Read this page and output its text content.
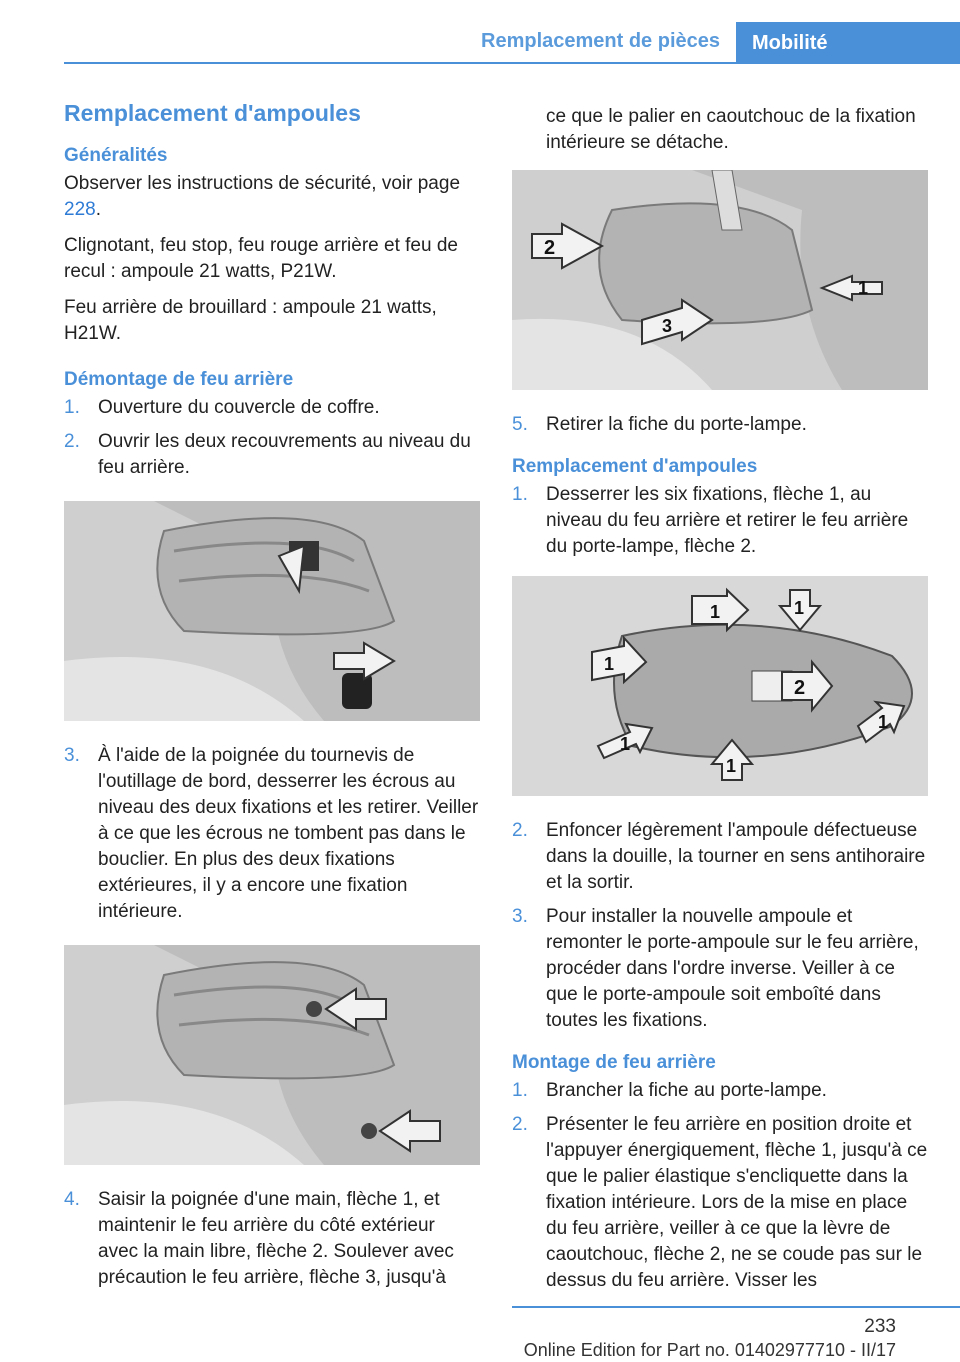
Remplacement de pièces Mobilité
Remplacement d'ampoules
Généralités

Observer les instructions de sécurité, voir page 228.

Clignotant, feu stop, feu rouge arrière et feu de recul : ampoule 21 watts, P21W.

Feu arrière de brouillard : ampoule 21 watts, H21W.

Démontage de feu arrière
1. Ouverture du couvercle de coffre.
2. Ouvrir les deux recouvrements au niveau du feu arrière.
3. À l'aide de la poignée du tournevis de l'outillage de bord, desserrer les écrous au niveau des deux fixations et les retirer. Veiller à ce que les écrous ne tombent pas dans le bouclier. En plus des deux fixations extérieures, il y a encore une fixation intérieure.
4. Saisir la poignée d'une main, flèche 1, et maintenir le feu arrière du côté extérieur avec la main libre, flèche 2. Soulever avec précaution le feu arrière, flèche 3, jusqu'à

ce que le palier en caoutchouc de la fixation intérieure se détache.

2
1
3
5. Retirer la fiche du porte-lampe.
Remplacement d'ampoules
1. Desserrer les six fixations, flèche 1, au niveau du feu arrière et retirer le feu arrière du porte-lampe, flèche 2.
1	1
1
2
1
1
1
2. Enfoncer légèrement l'ampoule défectueuse dans la douille, la tourner en sens antihoraire et la sortir.
3. Pour installer la nouvelle ampoule et remonter le porte-ampoule sur le feu arrière, procéder dans l'ordre inverse. Veiller à ce que le porte-ampoule soit emboîté dans toutes les fixations.
Montage de feu arrière
1. Brancher la fiche au porte-lampe.
2. Présenter le feu arrière en position droite et l'appuyer énergiquement, flèche 1, jusqu'à ce que le palier élastique s'encliquette dans la fixation intérieure. Lors de la mise en place du feu arrière, veiller à ce que la lèvre de caoutchouc, flèche 2, ne se coude pas sur le dessus du feu arrière. Visser les
233
Online Edition for Part no. 01402977710 - II/17
